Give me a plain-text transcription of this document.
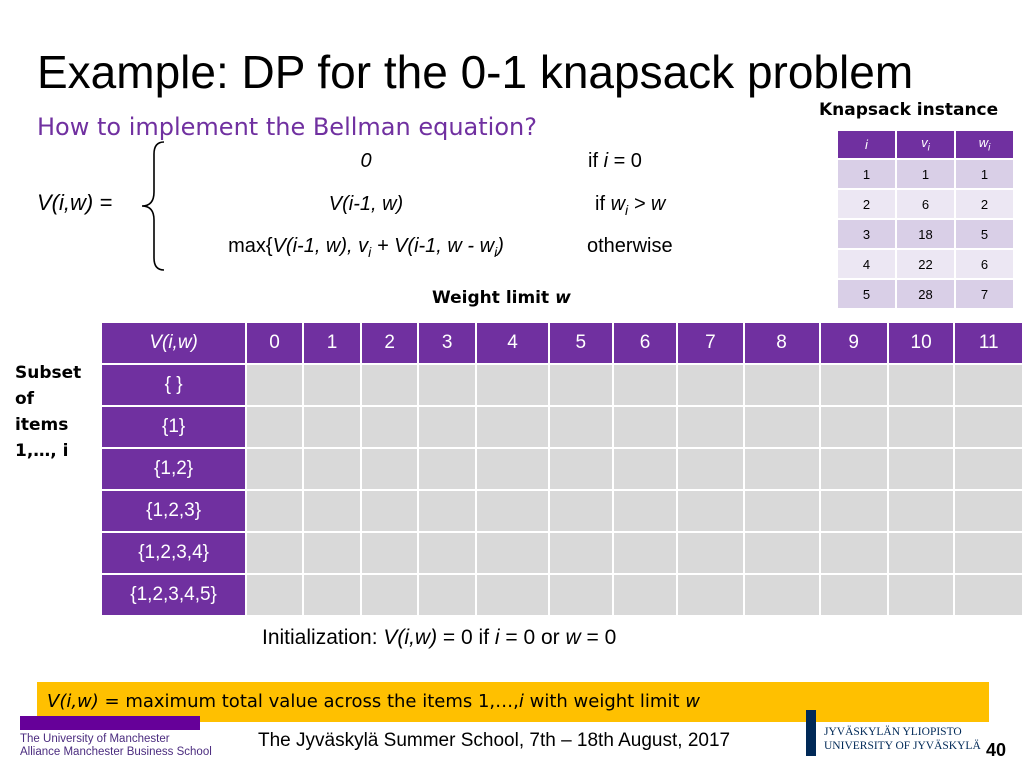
Example: DP for the 0-1 knapsack problem
How to implement the Bellman equation?
V(i,w) =
0	if i = 0
V(i-1, w)	if $w_i > w$
max{V(i-1, w), $v_i + V(i-1$, w - $w_i$)	otherwise
Knapsack instance
i	$v_i$	$w_i$
1	1	1
2	6	2
3	18	5
4	22	6
5	28	7
Weight limit w
Subset
of
items
1,…, i
V(i,w)	0	1	2	3	4	5	6	7	8	9	10	11
{ }												
{1}												
{1,2}												
{1,2,3}												
{1,2,3,4}												
{1,2,3,4,5}												
Initialization: V(i,w) = 0 if i = 0 or w = 0
V(i,w) = maximum total value across the items 1,…,i with weight limit w
The University of Manchester
Alliance Manchester Business School
The Jyväskylä Summer School, 7th – 18th August, 2017	JYVÄSKYLÄN YLIOPISTO
UNIVERSITY OF JYVÄSKYLÄ 40
